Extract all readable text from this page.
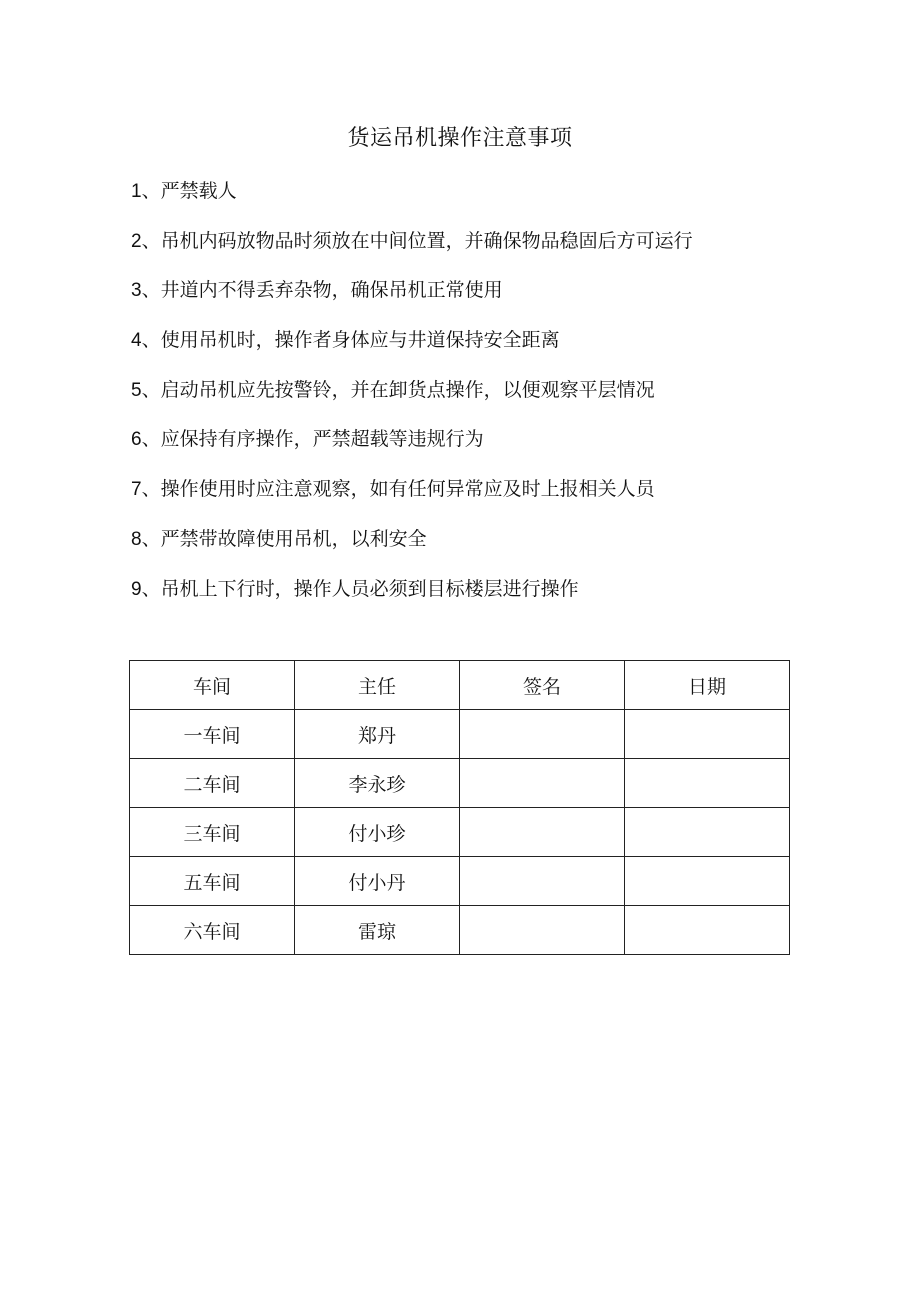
货运吊机操作注意事项
1、严禁载人
2、吊机内码放物品时须放在中间位置，并确保物品稳固后方可运行
3、井道内不得丢弃杂物，确保吊机正常使用
4、使用吊机时，操作者身体应与井道保持安全距离
5、启动吊机应先按警铃，并在卸货点操作，以便观察平层情况
6、应保持有序操作，严禁超载等违规行为
7、操作使用时应注意观察，如有任何异常应及时上报相关人员
8、严禁带故障使用吊机，以利安全
9、吊机上下行时，操作人员必须到目标楼层进行操作
车间	主任	签名	日期
一车间	郑丹		
二车间	李永珍		
三车间	付小珍		
五车间	付小丹		
六车间	雷琼		
